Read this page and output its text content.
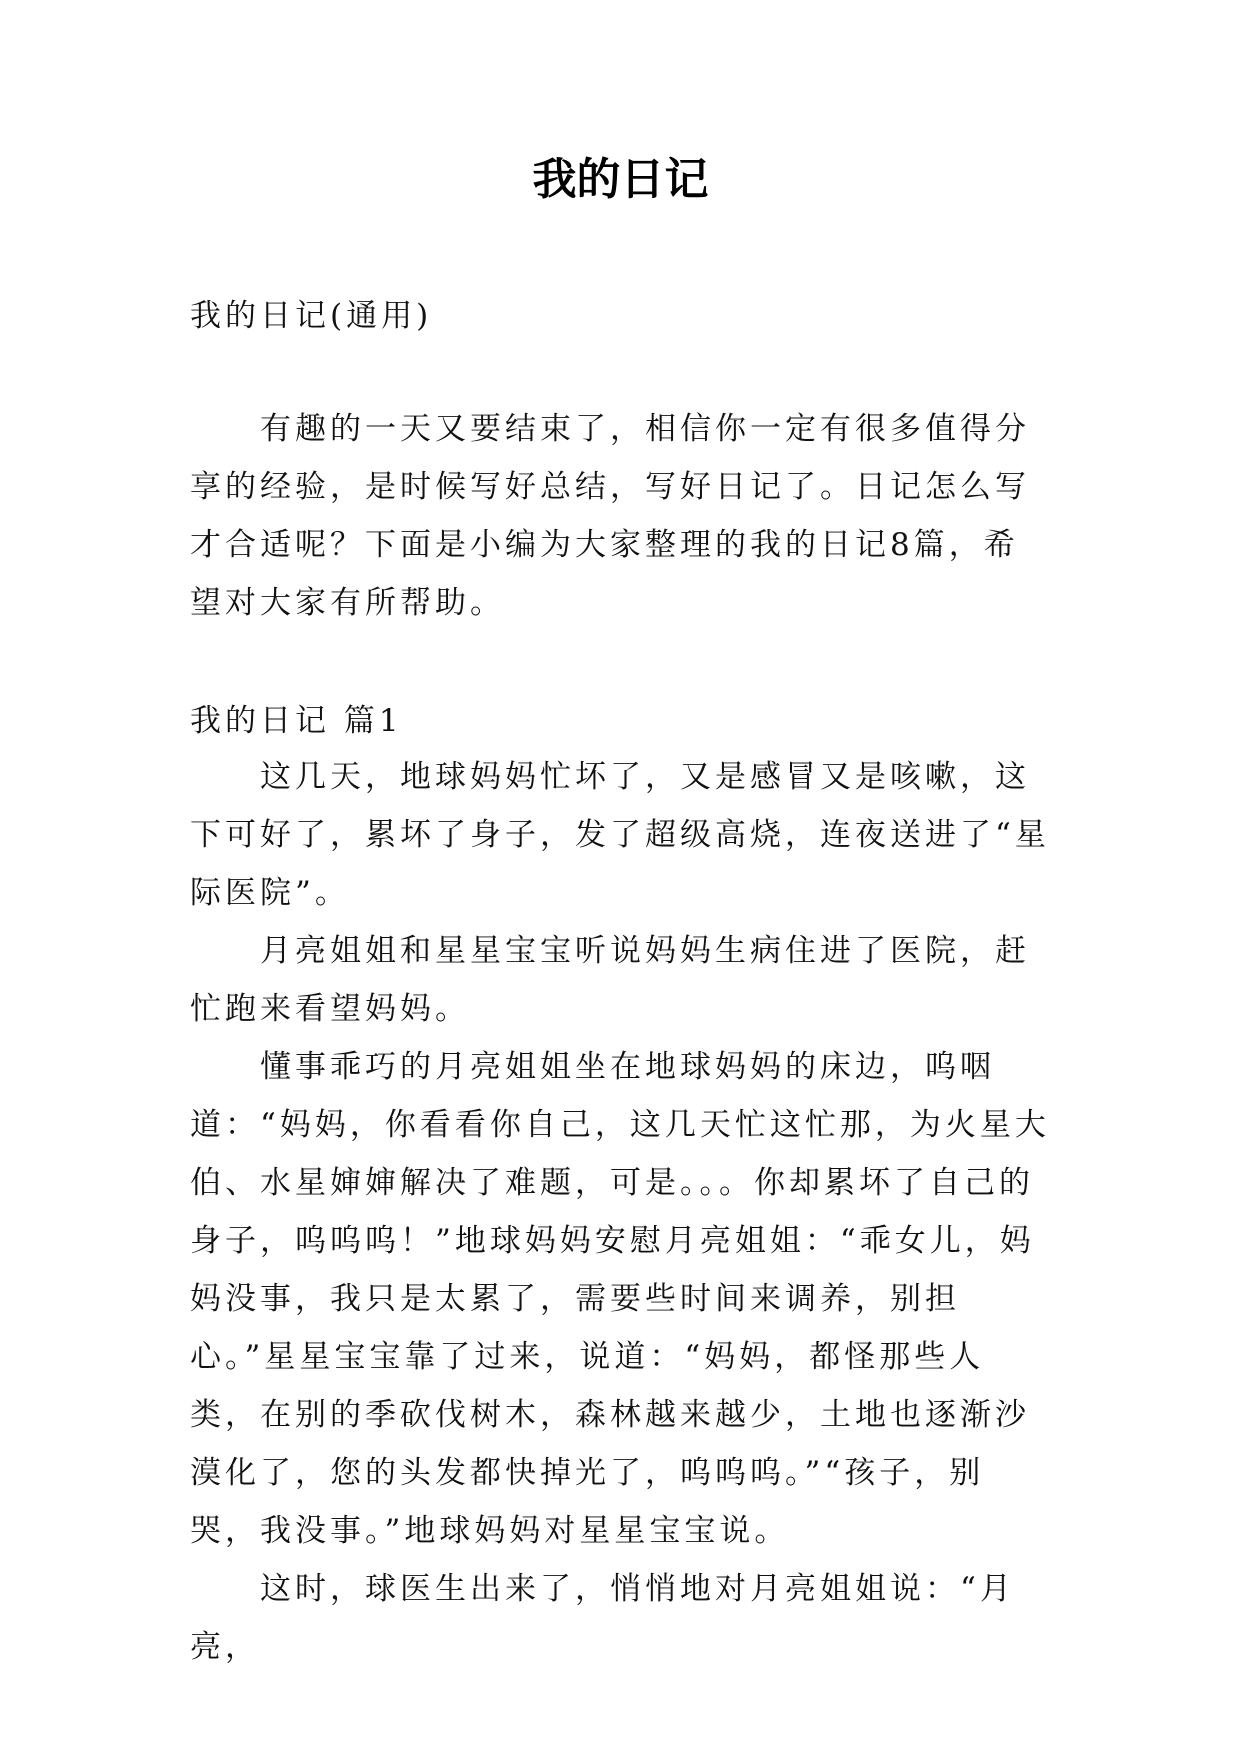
我的日记
我的日记(通用)

有趣的一天又要结束了，相信你一定有很多值得分享的经验，是时候写好总结，写好日记了。日记怎么写才合适呢？下面是小编为大家整理的我的日记8篇，希望对大家有所帮助。

我的日记 篇1

这几天，地球妈妈忙坏了，又是感冒又是咳嗽，这下可好了，累坏了身子，发了超级高烧，连夜送进了“星际医院”。

月亮姐姐和星星宝宝听说妈妈生病住进了医院，赶忙跑来看望妈妈。

懂事乖巧的月亮姐姐坐在地球妈妈的床边，呜咽道：“妈妈，你看看你自己，这几天忙这忙那，为火星大伯、水星婶婶解决了难题，可是。。。你却累坏了自己的身子，呜呜呜！”地球妈妈安慰月亮姐姐：“乖女儿，妈妈没事，我只是太累了，需要些时间来调养，别担心。”星星宝宝靠了过来，说道：“妈妈，都怪那些人类，在别的季砍伐树木，森林越来越少，土地也逐渐沙漠化了，您的头发都快掉光了，呜呜呜。”“孩子，别哭，我没事。”地球妈妈对星星宝宝说。

这时，球医生出来了，悄悄地对月亮姐姐说：“月亮，
